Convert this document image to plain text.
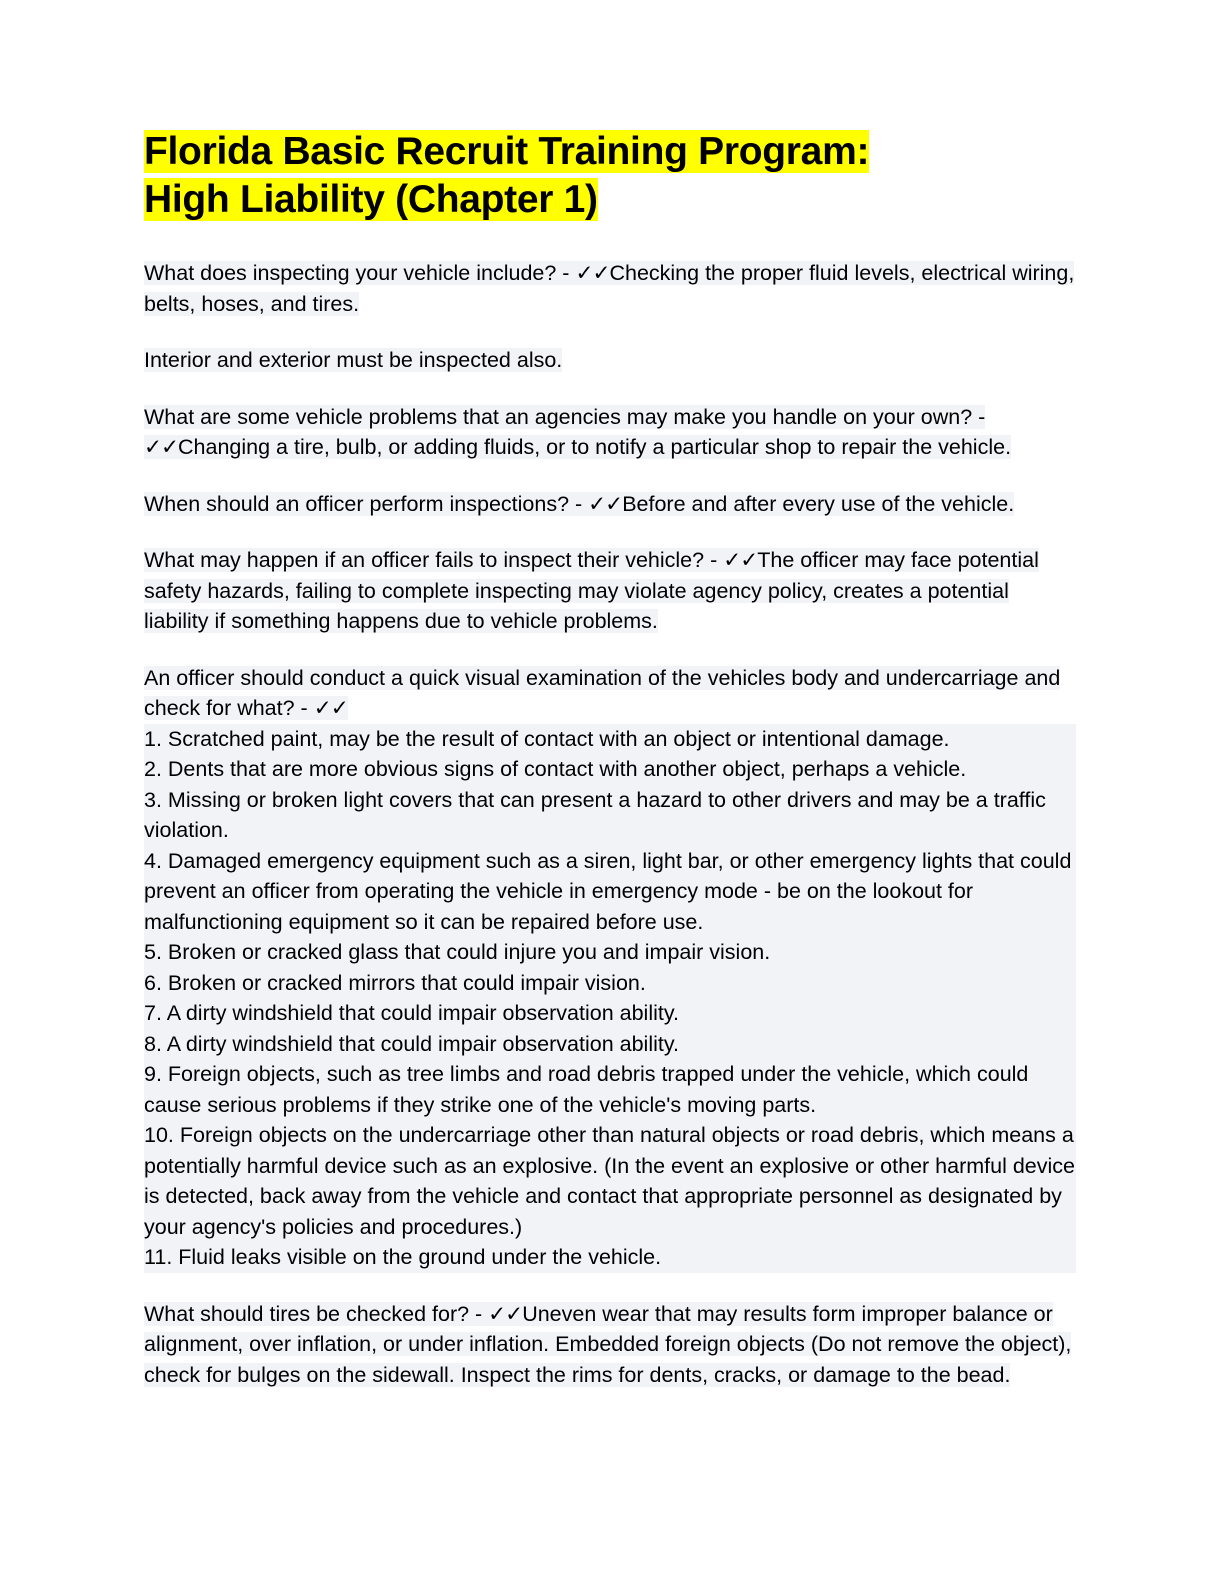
Florida Basic Recruit Training Program:
High Liability (Chapter 1)

What does inspecting your vehicle include? - ✓✓Checking the proper fluid levels, electrical wiring, belts, hoses, and tires.

Interior and exterior must be inspected also.

What are some vehicle problems that an agencies may make you handle on your own? - ✓✓Changing a tire, bulb, or adding fluids, or to notify a particular shop to repair the vehicle.

When should an officer perform inspections? - ✓✓Before and after every use of the vehicle.

What may happen if an officer fails to inspect their vehicle? - ✓✓The officer may face potential safety hazards, failing to complete inspecting may violate agency policy, creates a potential liability if something happens due to vehicle problems.

An officer should conduct a quick visual examination of the vehicles body and undercarriage and check for what? - ✓✓
1. Scratched paint, may be the result of contact with an object or intentional damage.
2. Dents that are more obvious signs of contact with another object, perhaps a vehicle.
3. Missing or broken light covers that can present a hazard to other drivers and may be a traffic violation.
4. Damaged emergency equipment such as a siren, light bar, or other emergency lights that could prevent an officer from operating the vehicle in emergency mode - be on the lookout for malfunctioning equipment so it can be repaired before use.
5. Broken or cracked glass that could injure you and impair vision.
6. Broken or cracked mirrors that could impair vision.
7. A dirty windshield that could impair observation ability.
8. A dirty windshield that could impair observation ability.
9. Foreign objects, such as tree limbs and road debris trapped under the vehicle, which could cause serious problems if they strike one of the vehicle's moving parts.
10. Foreign objects on the undercarriage other than natural objects or road debris, which means a potentially harmful device such as an explosive. (In the event an explosive or other harmful device is detected, back away from the vehicle and contact that appropriate personnel as designated by your agency's policies and procedures.)
11. Fluid leaks visible on the ground under the vehicle.

What should tires be checked for? - ✓✓Uneven wear that may results form improper balance or alignment, over inflation, or under inflation. Embedded foreign objects (Do not remove the object), check for bulges on the sidewall. Inspect the rims for dents, cracks, or damage to the bead.
